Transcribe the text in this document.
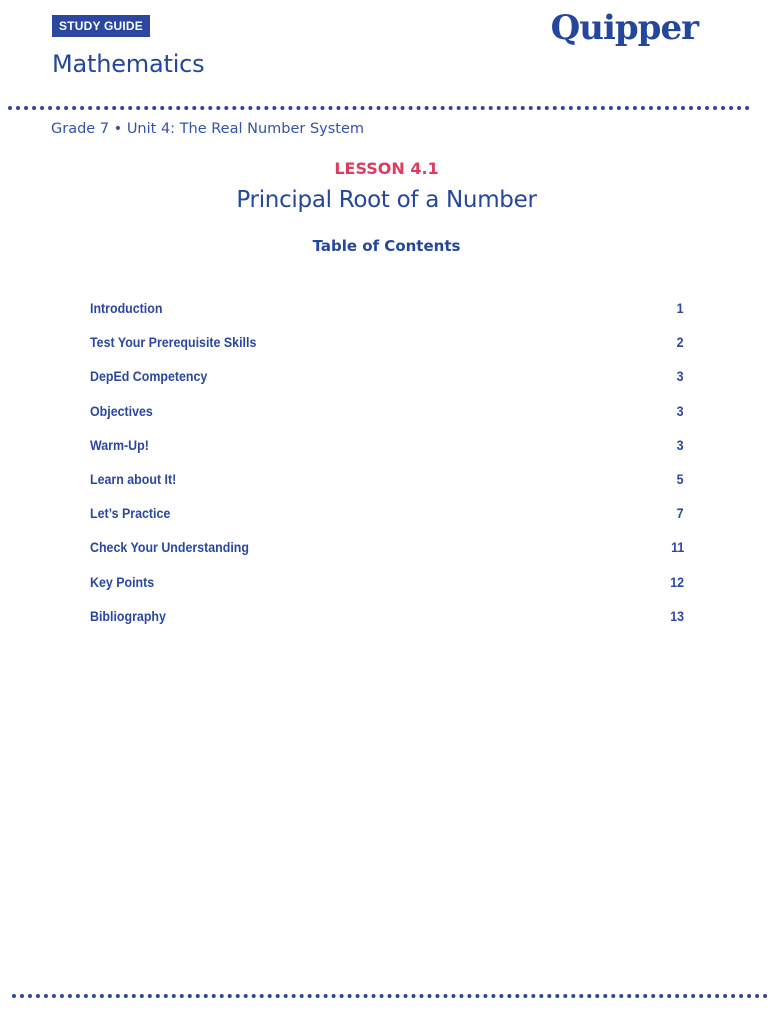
STUDY GUIDE
Mathematics
Quipper
Grade 7 • Unit 4: The Real Number System
LESSON 4.1
Principal Root of a Number
Table of Contents
Introduction	1
Test Your Prerequisite Skills	2
DepEd Competency	3
Objectives	3
Warm-Up!	3
Learn about It!	5
Let’s Practice	7
Check Your Understanding	11
Key Points	12
Bibliography	13
